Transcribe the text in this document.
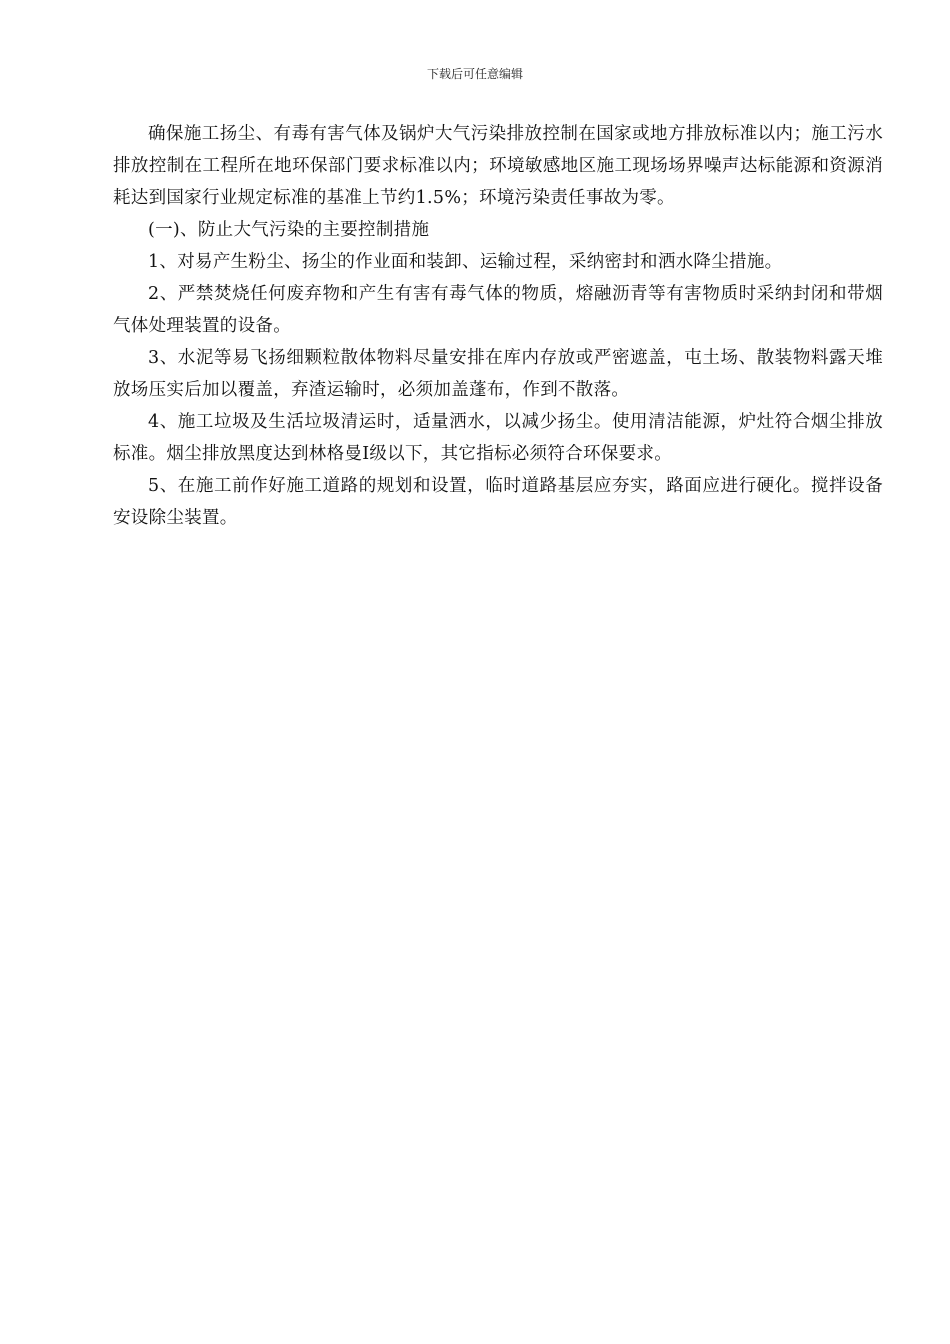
下载后可任意编辑

确保施工扬尘、有毒有害气体及锅炉大气污染排放控制在国家或地方排放标准以内；施工污水排放控制在工程所在地环保部门要求标准以内；环境敏感地区施工现场场界噪声达标能源和资源消耗达到国家行业规定标准的基准上节约1.5%；环境污染责任事故为零。

(一)、防止大气污染的主要控制措施

1、对易产生粉尘、扬尘的作业面和装卸、运输过程，采纳密封和洒水降尘措施。

2、严禁焚烧任何废弃物和产生有害有毒气体的物质，熔融沥青等有害物质时采纳封闭和带烟气体处理装置的设备。

3、水泥等易飞扬细颗粒散体物料尽量安排在库内存放或严密遮盖，屯土场、散装物料露天堆放场压实后加以覆盖，弃渣运输时，必须加盖蓬布，作到不散落。

4、施工垃圾及生活垃圾清运时，适量洒水，以减少扬尘。使用清洁能源，炉灶符合烟尘排放标准。烟尘排放黑度达到林格曼I级以下，其它指标必须符合环保要求。

5、在施工前作好施工道路的规划和设置，临时道路基层应夯实，路面应进行硬化。搅拌设备安设除尘装置。
